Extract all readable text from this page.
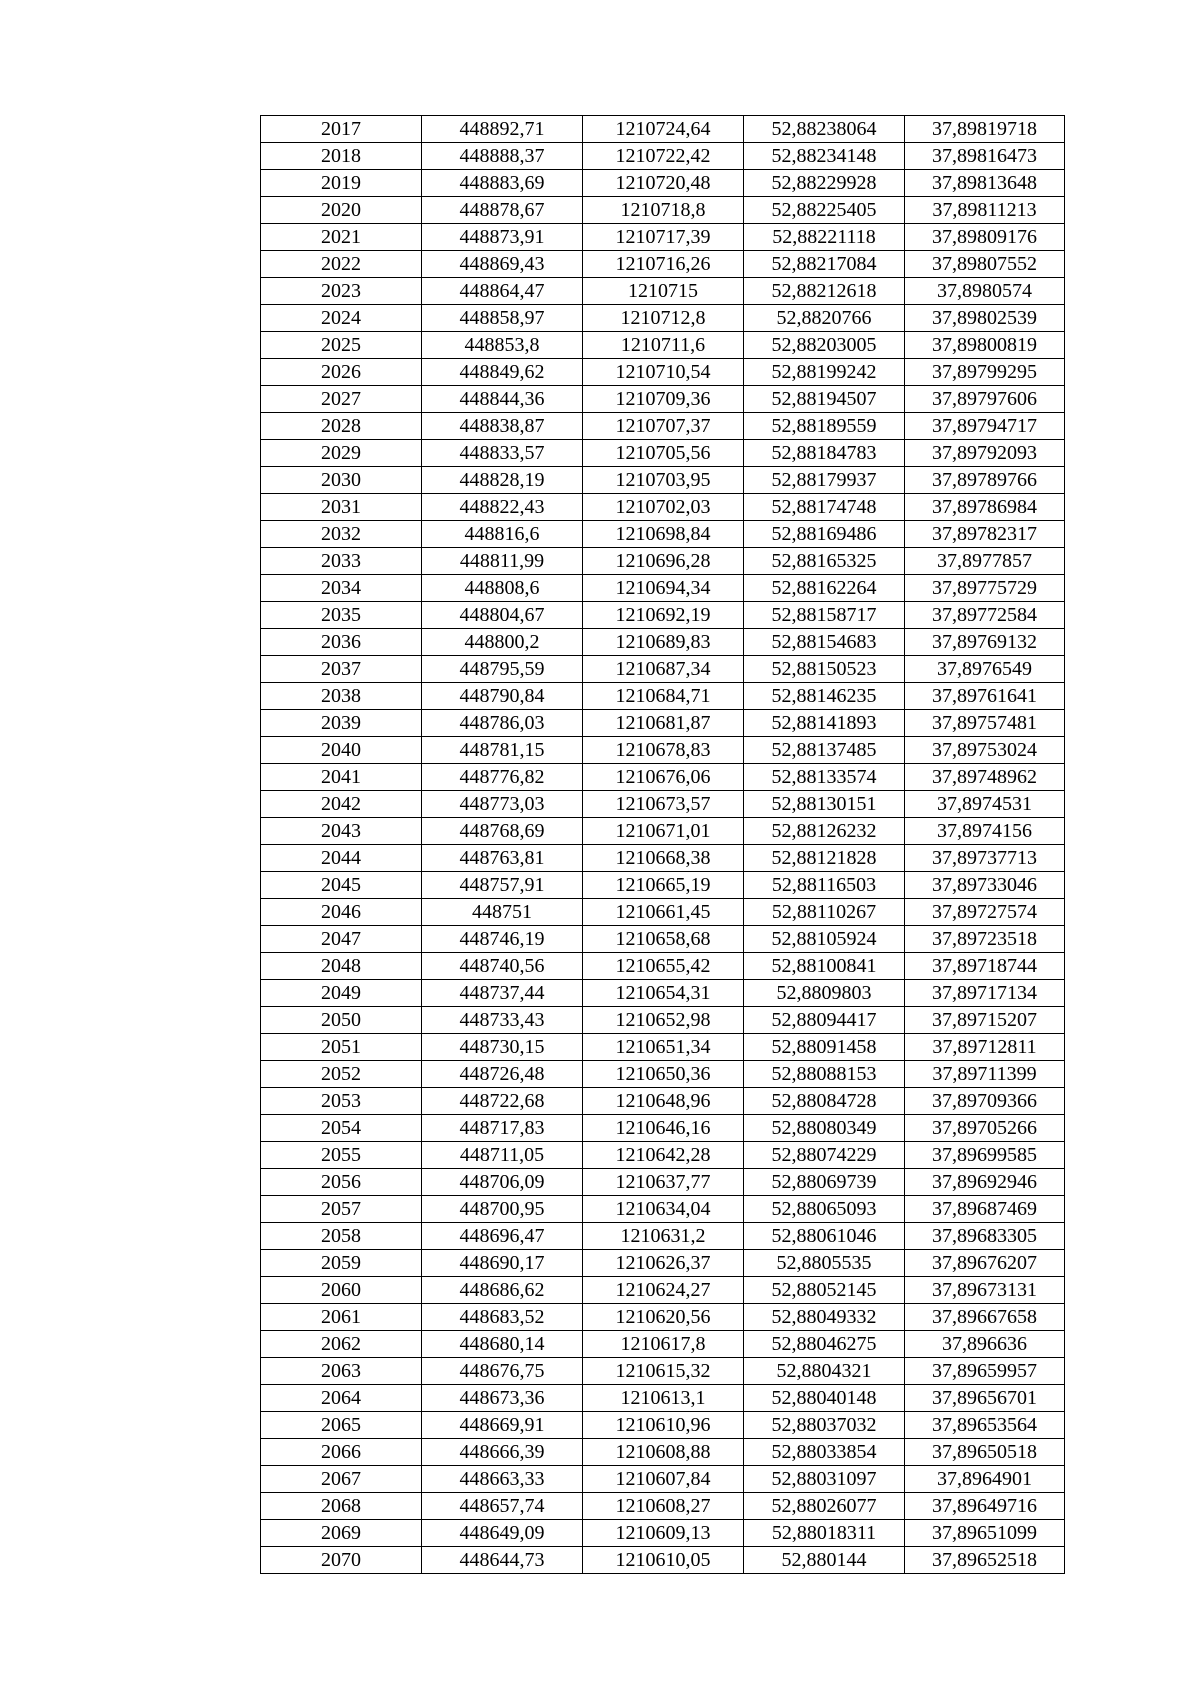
2017	448892,71	1210724,64	52,88238064	37,89819718
2018	448888,37	1210722,42	52,88234148	37,89816473
2019	448883,69	1210720,48	52,88229928	37,89813648
2020	448878,67	1210718,8	52,88225405	37,89811213
2021	448873,91	1210717,39	52,88221118	37,89809176
2022	448869,43	1210716,26	52,88217084	37,89807552
2023	448864,47	1210715	52,88212618	37,8980574
2024	448858,97	1210712,8	52,8820766	37,89802539
2025	448853,8	1210711,6	52,88203005	37,89800819
2026	448849,62	1210710,54	52,88199242	37,89799295
2027	448844,36	1210709,36	52,88194507	37,89797606
2028	448838,87	1210707,37	52,88189559	37,89794717
2029	448833,57	1210705,56	52,88184783	37,89792093
2030	448828,19	1210703,95	52,88179937	37,89789766
2031	448822,43	1210702,03	52,88174748	37,89786984
2032	448816,6	1210698,84	52,88169486	37,89782317
2033	448811,99	1210696,28	52,88165325	37,8977857
2034	448808,6	1210694,34	52,88162264	37,89775729
2035	448804,67	1210692,19	52,88158717	37,89772584
2036	448800,2	1210689,83	52,88154683	37,89769132
2037	448795,59	1210687,34	52,88150523	37,8976549
2038	448790,84	1210684,71	52,88146235	37,89761641
2039	448786,03	1210681,87	52,88141893	37,89757481
2040	448781,15	1210678,83	52,88137485	37,89753024
2041	448776,82	1210676,06	52,88133574	37,89748962
2042	448773,03	1210673,57	52,88130151	37,8974531
2043	448768,69	1210671,01	52,88126232	37,8974156
2044	448763,81	1210668,38	52,88121828	37,89737713
2045	448757,91	1210665,19	52,88116503	37,89733046
2046	448751	1210661,45	52,88110267	37,89727574
2047	448746,19	1210658,68	52,88105924	37,89723518
2048	448740,56	1210655,42	52,88100841	37,89718744
2049	448737,44	1210654,31	52,8809803	37,89717134
2050	448733,43	1210652,98	52,88094417	37,89715207
2051	448730,15	1210651,34	52,88091458	37,89712811
2052	448726,48	1210650,36	52,88088153	37,89711399
2053	448722,68	1210648,96	52,88084728	37,89709366
2054	448717,83	1210646,16	52,88080349	37,89705266
2055	448711,05	1210642,28	52,88074229	37,89699585
2056	448706,09	1210637,77	52,88069739	37,89692946
2057	448700,95	1210634,04	52,88065093	37,89687469
2058	448696,47	1210631,2	52,88061046	37,89683305
2059	448690,17	1210626,37	52,8805535	37,89676207
2060	448686,62	1210624,27	52,88052145	37,89673131
2061	448683,52	1210620,56	52,88049332	37,89667658
2062	448680,14	1210617,8	52,88046275	37,896636
2063	448676,75	1210615,32	52,8804321	37,89659957
2064	448673,36	1210613,1	52,88040148	37,89656701
2065	448669,91	1210610,96	52,88037032	37,89653564
2066	448666,39	1210608,88	52,88033854	37,89650518
2067	448663,33	1210607,84	52,88031097	37,8964901
2068	448657,74	1210608,27	52,88026077	37,89649716
2069	448649,09	1210609,13	52,88018311	37,89651099
2070	448644,73	1210610,05	52,880144	37,89652518
